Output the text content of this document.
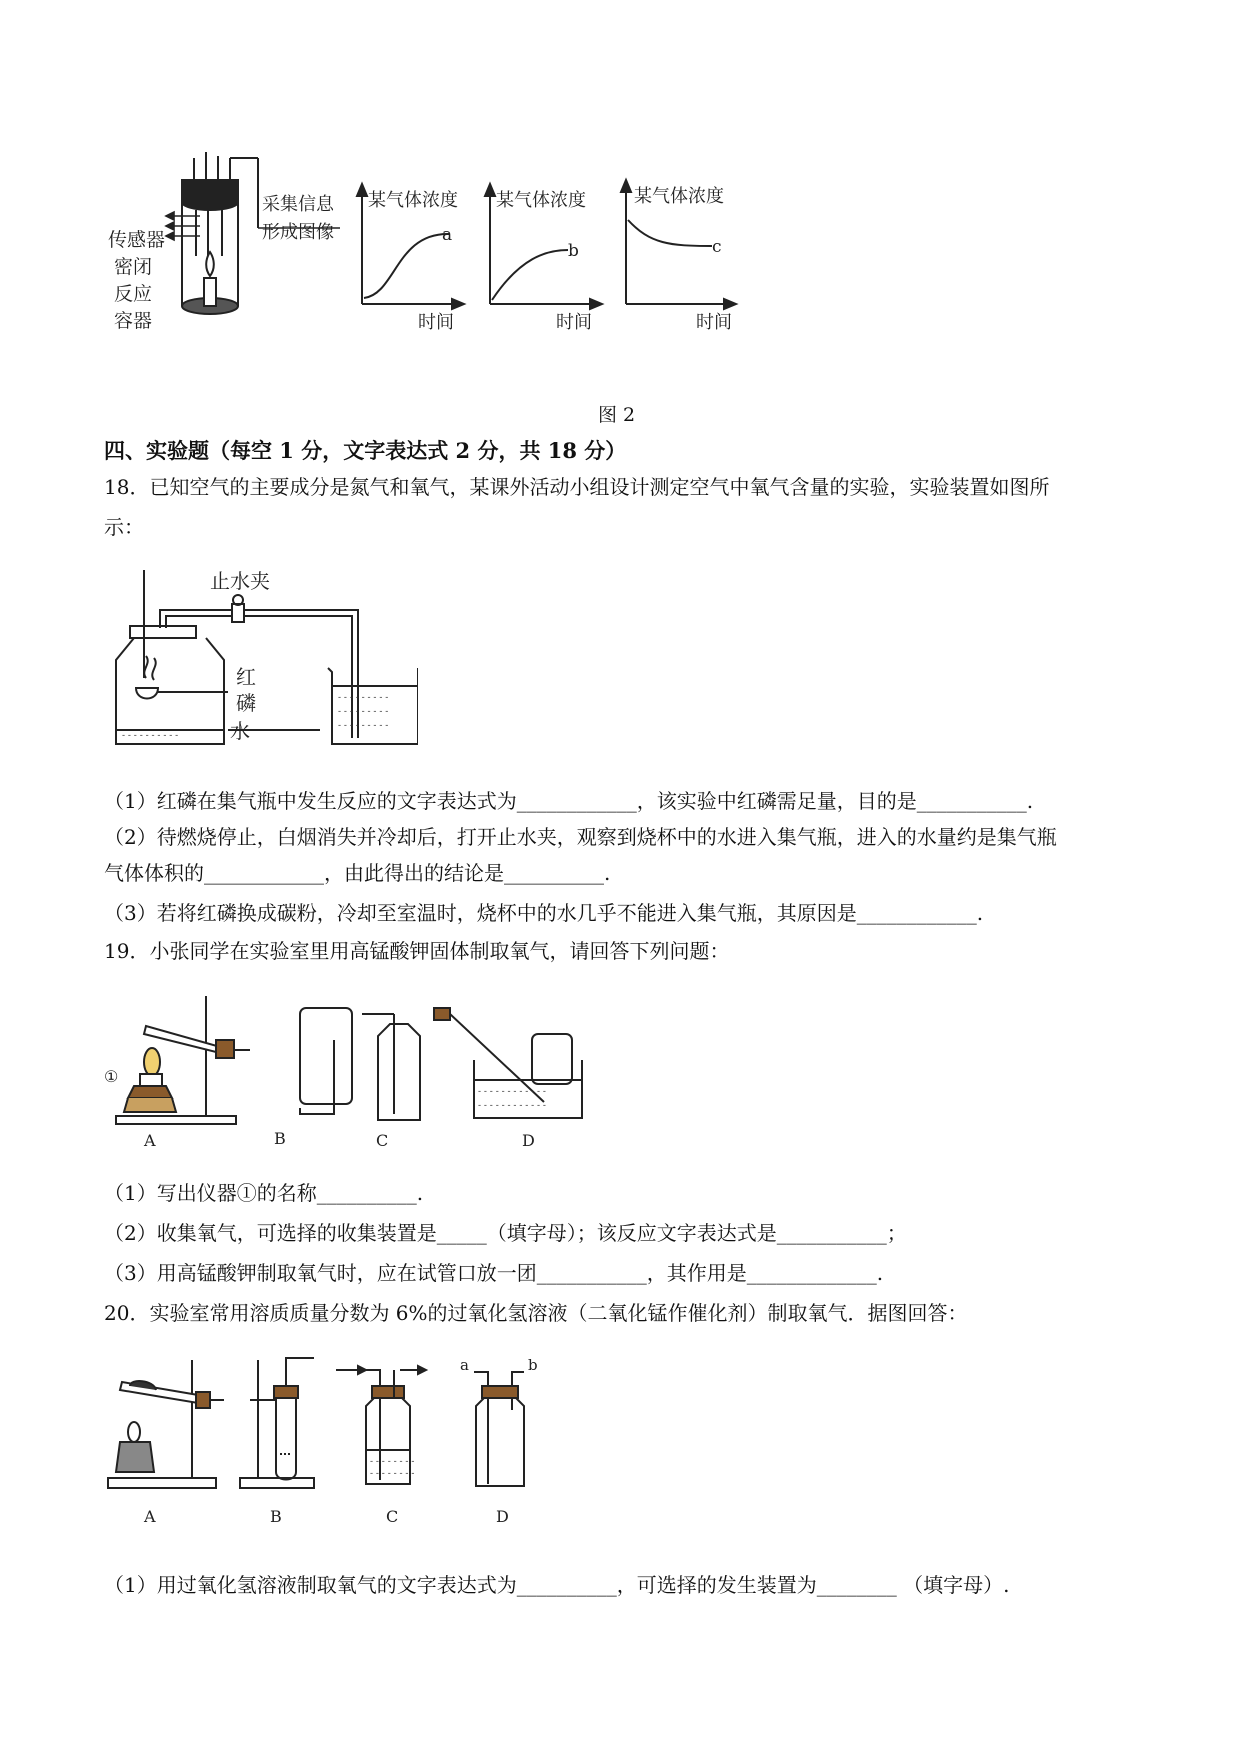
传感器
密闭
反应
容器
采集信息
形成图像
某气体浓度
a
时间
某气体浓度
b
时间
某气体浓度
c
时间
图 2
四、实验题（每空 1 分，文字表达式 2 分，共 18 分）
18．已知空气的主要成分是氮气和氧气，某课外活动小组设计测定空气中氧气含量的实验，实验装置如图所
示：
- - - - - - - - -
- - - - - - - - -
- - - - - - - - -
- - - - - - - - - -
止水夹
红
磷
水
（1）红磷在集气瓶中发生反应的文字表达式为____________，该实验中红磷需足量，目的是___________.
（2）待燃烧停止，白烟消失并冷却后，打开止水夹，观察到烧杯中的水进入集气瓶，进入的水量约是集气瓶
气体体积的____________，由此得出的结论是__________.
（3）若将红磷换成碳粉，冷却至室温时，烧杯中的水几乎不能进入集气瓶，其原因是____________.
19．小张同学在实验室里用高锰酸钾固体制取氧气，请回答下列问题：
①
- - - - - - - - - - - -
- - - - - - - - - - - -
A	B	C	D
（1）写出仪器①的名称__________.
（2）收集氧气，可选择的收集装置是_____（填字母）；该反应文字表达式是___________；
（3）用高锰酸钾制取氧气时，应在试管口放一团___________，其作用是_____________.
20．实验室常用溶质质量分数为 6%的过氧化氢溶液（二氧化锰作催化剂）制取氧气．据图回答：
- - - - - - - -
- - - - - - - -
a	b
A	B	C	D
（1）用过氧化氢溶液制取氧气的文字表达式为__________，可选择的发生装置为________ （填字母）.
